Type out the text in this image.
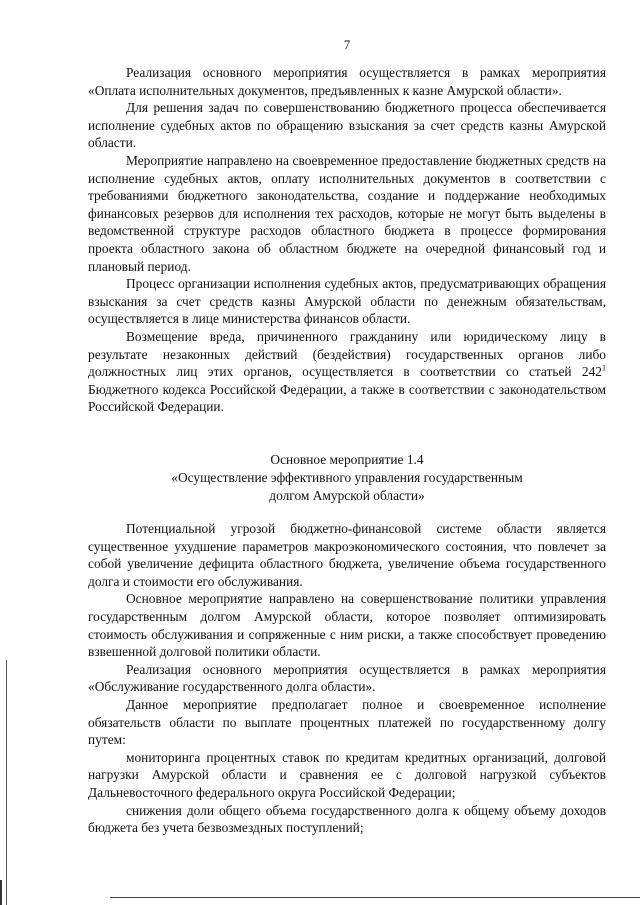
7

Реализация основного мероприятия осуществляется в рамках мероприятия «Оплата исполнительных документов, предъявленных к казне Амурской области».

Для решения задач по совершенствованию бюджетного процесса обеспечивается исполнение судебных актов по обращению взыскания за счет средств казны Амурской области.

Мероприятие направлено на своевременное предоставление бюджетных средств на исполнение судебных актов, оплату исполнительных документов в соответствии с требованиями бюджетного законодательства, создание и поддержание необходимых финансовых резервов для исполнения тех расходов, которые не могут быть выделены в ведомственной структуре расходов областного бюджета в процессе формирования проекта областного закона об областном бюджете на очередной финансовый год и плановый период.

Процесс организации исполнения судебных актов, предусматривающих обращения взыскания за счет средств казны Амурской области по денежным обязательствам, осуществляется в лице министерства финансов области.

Возмещение вреда, причиненного гражданину или юридическому лицу в результате незаконных действий (бездействия) государственных органов либо должностных лиц этих органов, осуществляется в соответствии со статьей $242^1$ Бюджетного кодекса Российской Федерации, а также в соответствии с законодательством Российской Федерации.

Основное мероприятие 1.4
«Осуществление эффективного управления государственным
долгом Амурской области»

Потенциальной угрозой бюджетно-финансовой системе области является существенное ухудшение параметров макроэкономического состояния, что повлечет за собой увеличение дефицита областного бюджета, увеличение объема государственного долга и стоимости его обслуживания.

Основное мероприятие направлено на совершенствование политики управления государственным долгом Амурской области, которое позволяет оптимизировать стоимость обслуживания и сопряженные с ним риски, а также способствует проведению взвешенной долговой политики области.

Реализация основного мероприятия осуществляется в рамках мероприятия «Обслуживание государственного долга области».

Данное мероприятие предполагает полное и своевременное исполнение обязательств области по выплате процентных платежей по государственному долгу путем:

мониторинга процентных ставок по кредитам кредитных организаций, долговой нагрузки Амурской области и сравнения ее с долговой нагрузкой субъектов Дальневосточного федерального округа Российской Федерации;

снижения доли общего объема государственного долга к общему объему доходов бюджета без учета безвозмездных поступлений;
